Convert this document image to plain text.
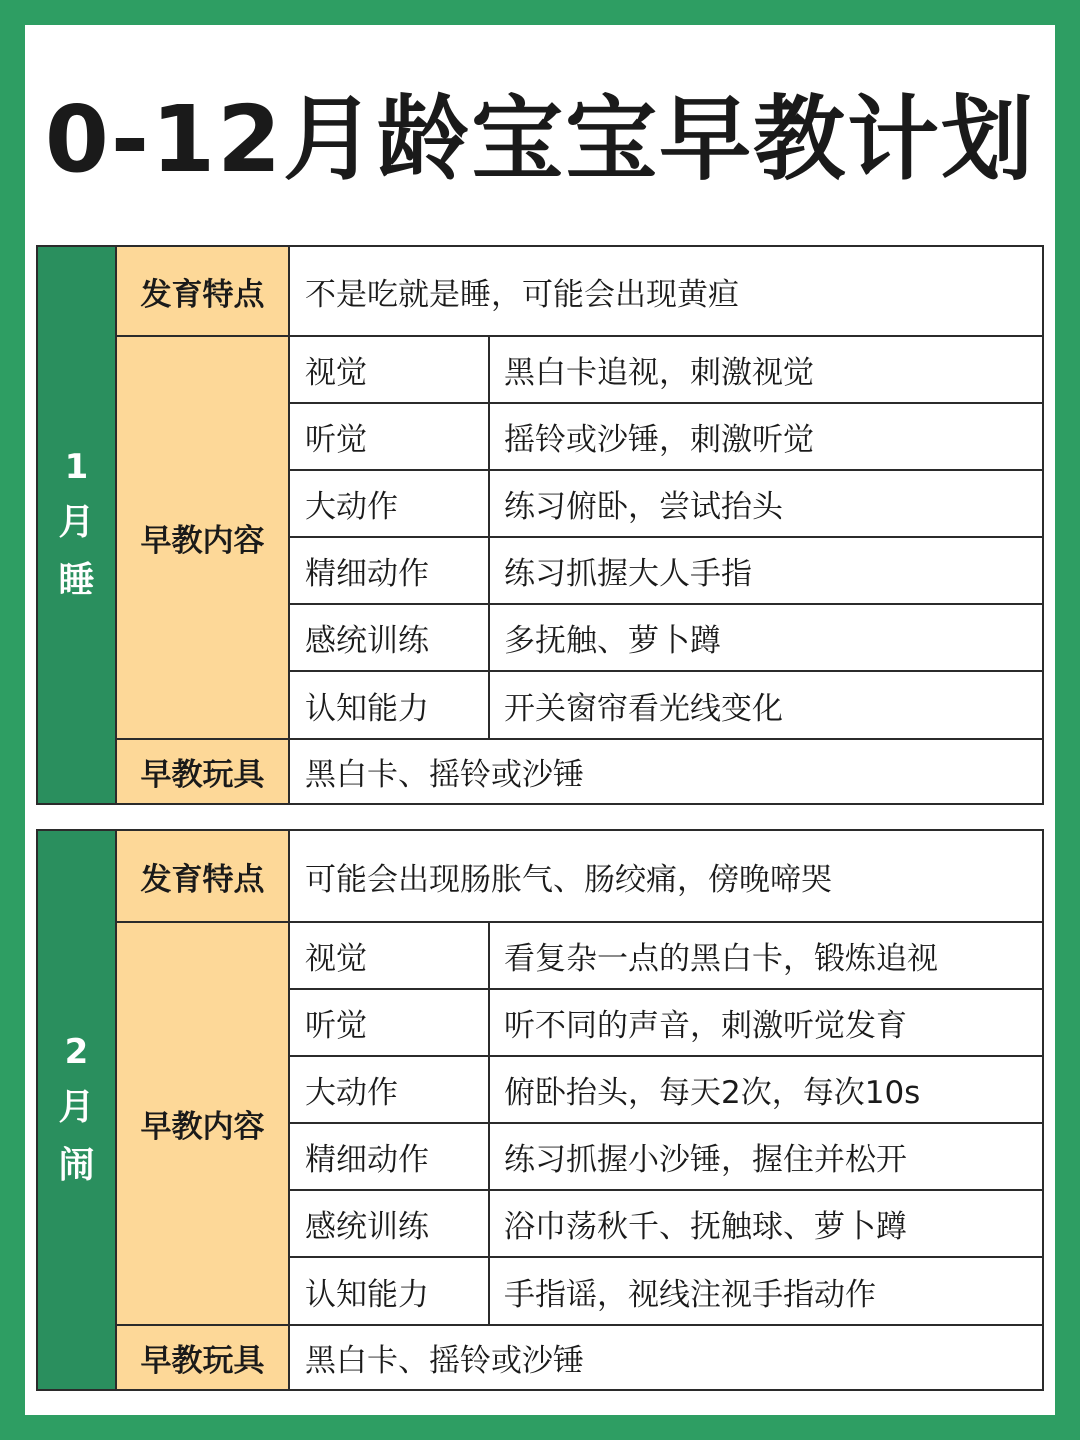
0-12月龄宝宝早教计划
1
月
睡
发育特点	不是吃就是睡，可能会出现黄疸
早教内容
视觉	黑白卡追视，刺激视觉
听觉	摇铃或沙锤，刺激听觉
大动作	练习俯卧，尝试抬头
精细动作	练习抓握大人手指
感统训练	多抚触、萝卜蹲
认知能力	开关窗帘看光线变化
早教玩具	黑白卡、摇铃或沙锤
2
月
闹
发育特点	可能会出现肠胀气、肠绞痛，傍晚啼哭
早教内容
视觉	看复杂一点的黑白卡，锻炼追视
听觉	听不同的声音，刺激听觉发育
大动作	俯卧抬头，每天2次，每次10s
精细动作	练习抓握小沙锤，握住并松开
感统训练	浴巾荡秋千、抚触球、萝卜蹲
认知能力	手指谣，视线注视手指动作
早教玩具	黑白卡、摇铃或沙锤
